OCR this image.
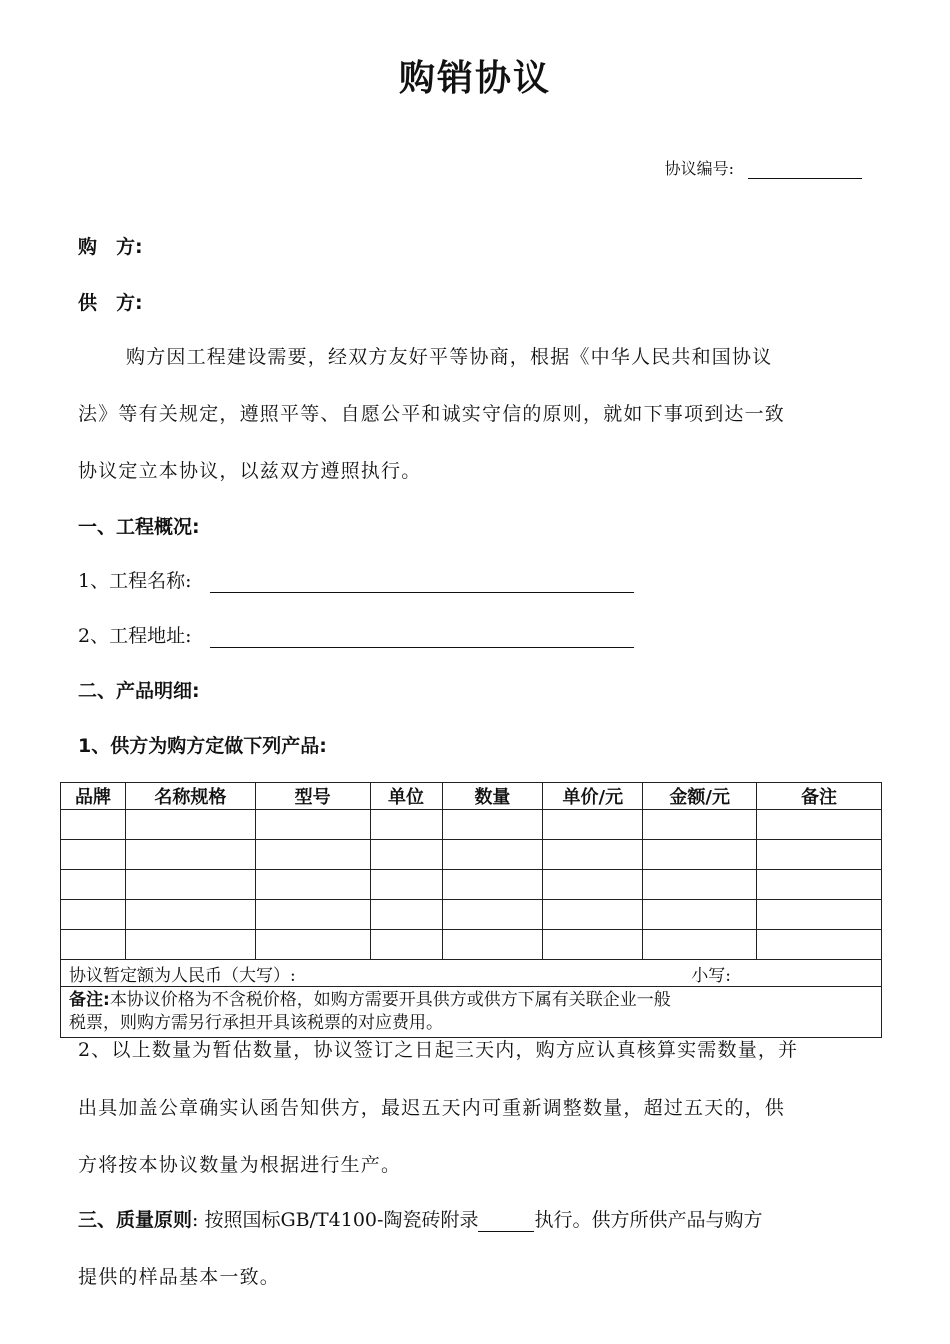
购销协议
协议编号:
购　方:
供　方:
购方因工程建设需要，经双方友好平等协商，根据《中华人民共和国协议
法》等有关规定，遵照平等、自愿公平和诚实守信的原则，就如下事项到达一致
协议定立本协议，以兹双方遵照执行。
一、工程概况:
1、工程名称:
2、工程地址:
二、产品明细:
1、供方为购方定做下列产品:
品牌	名称规格	型号	单位	数量	单价/元	金额/元	备注

协议暂定额为人民币（大写）: 小写:							

备注:本协议价格为不含税价格，如购方需要开具供方或供方下属有关联企业一般
税票，则购方需另行承担开具该税票的对应费用。							
2、以上数量为暂估数量，协议签订之日起三天内，购方应认真核算实需数量，并
出具加盖公章确实认函告知供方，最迟五天内可重新调整数量，超过五天的，供
方将按本协议数量为根据进行生产。
三、质量原则: 按照国标GB/T4100-陶瓷砖附录	执行。供方所供产品与购方
提供的样品基本一致。
